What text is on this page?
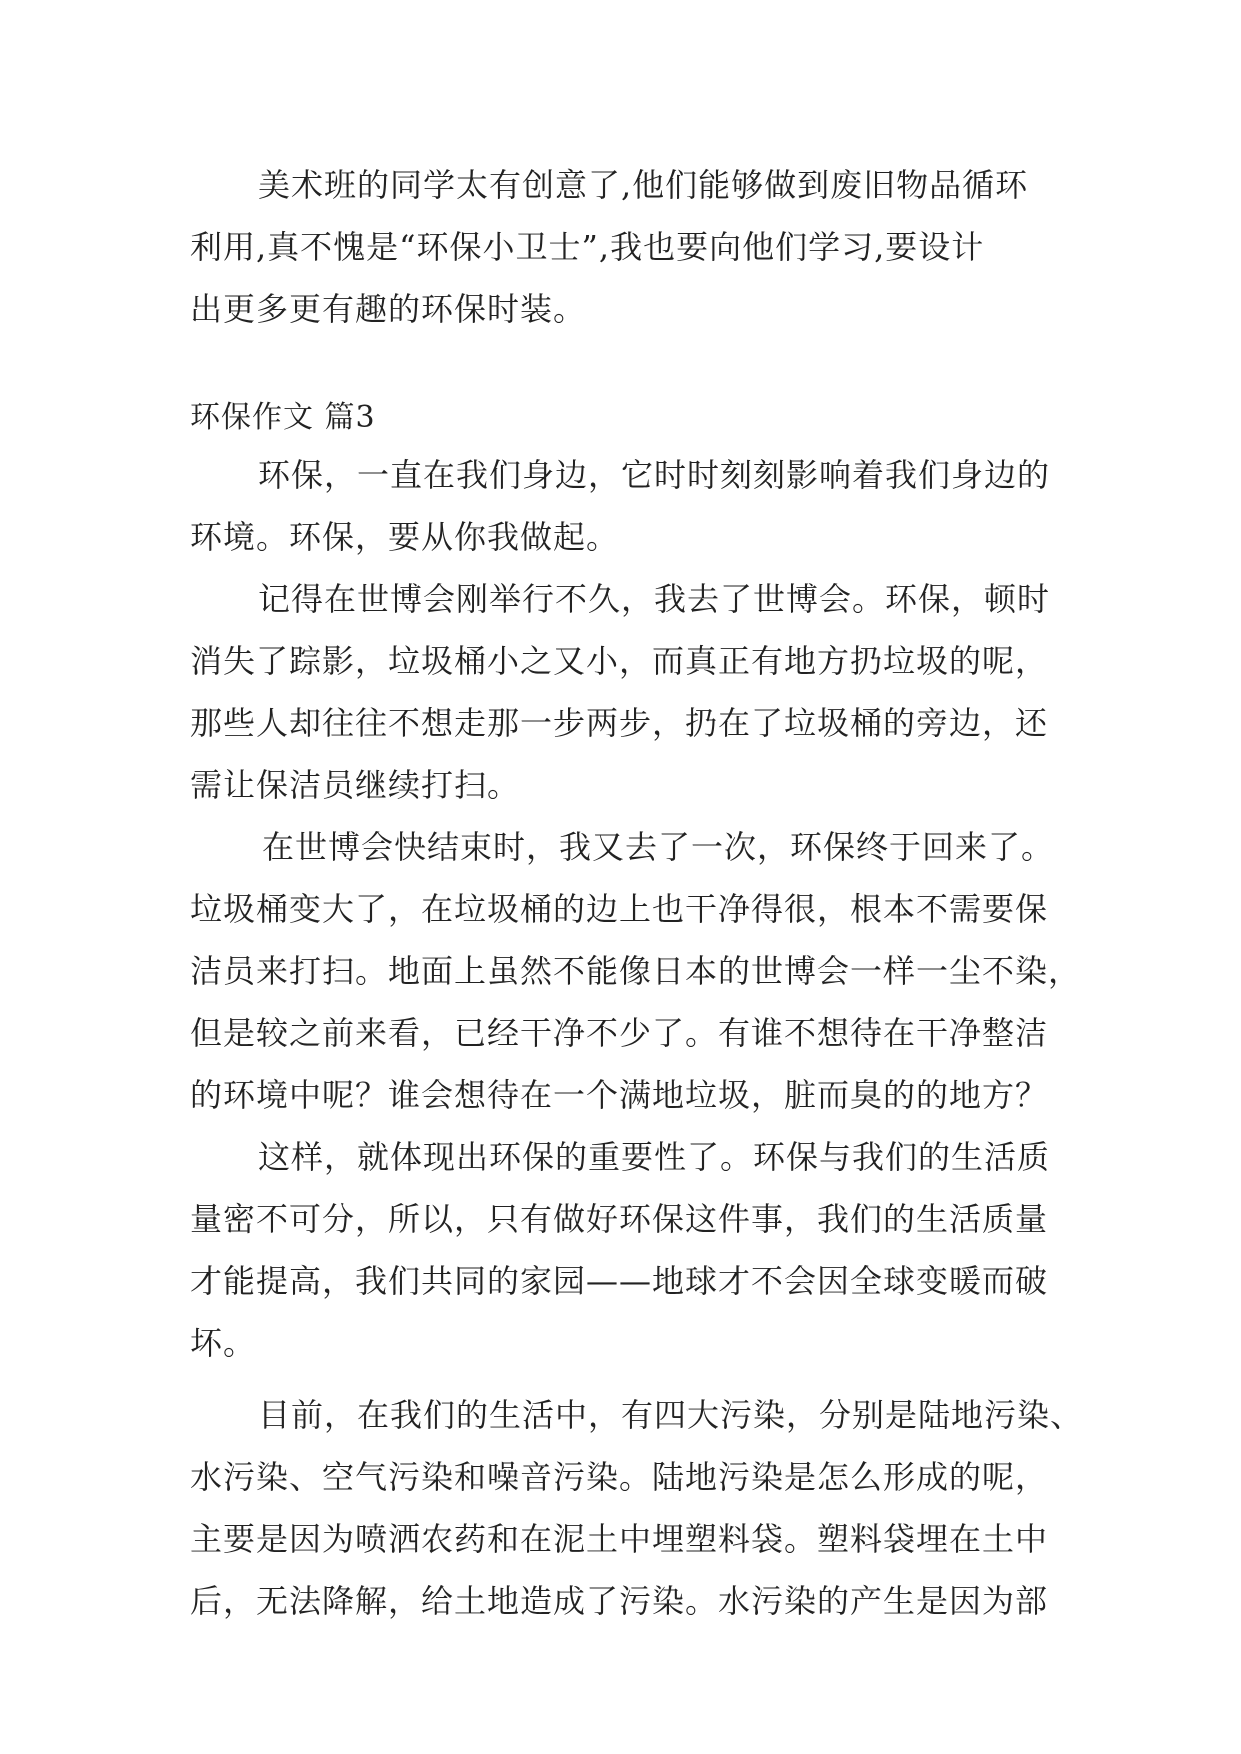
美术班的同学太有创意了,他们能够做到废旧物品循环
利用,真不愧是“环保小卫士”,我也要向他们学习,要设计
出更多更有趣的环保时装。
环保作文 篇3
环保，一直在我们身边，它时时刻刻影响着我们身边的
环境。环保，要从你我做起。
记得在世博会刚举行不久，我去了世博会。环保，顿时
消失了踪影，垃圾桶小之又小，而真正有地方扔垃圾的呢，
那些人却往往不想走那一步两步，扔在了垃圾桶的旁边，还
需让保洁员继续打扫。
在世博会快结束时，我又去了一次，环保终于回来了。
垃圾桶变大了，在垃圾桶的边上也干净得很，根本不需要保
洁员来打扫。地面上虽然不能像日本的世博会一样一尘不染，
但是较之前来看，已经干净不少了。有谁不想待在干净整洁
的环境中呢？谁会想待在一个满地垃圾，脏而臭的的地方？
这样，就体现出环保的重要性了。环保与我们的生活质
量密不可分，所以，只有做好环保这件事，我们的生活质量
才能提高，我们共同的家园——地球才不会因全球变暖而破
坏。
目前，在我们的生活中，有四大污染，分别是陆地污染、
水污染、空气污染和噪音污染。陆地污染是怎么形成的呢，
主要是因为喷洒农药和在泥土中埋塑料袋。塑料袋埋在土中
后，无法降解，给土地造成了污染。水污染的产生是因为部
